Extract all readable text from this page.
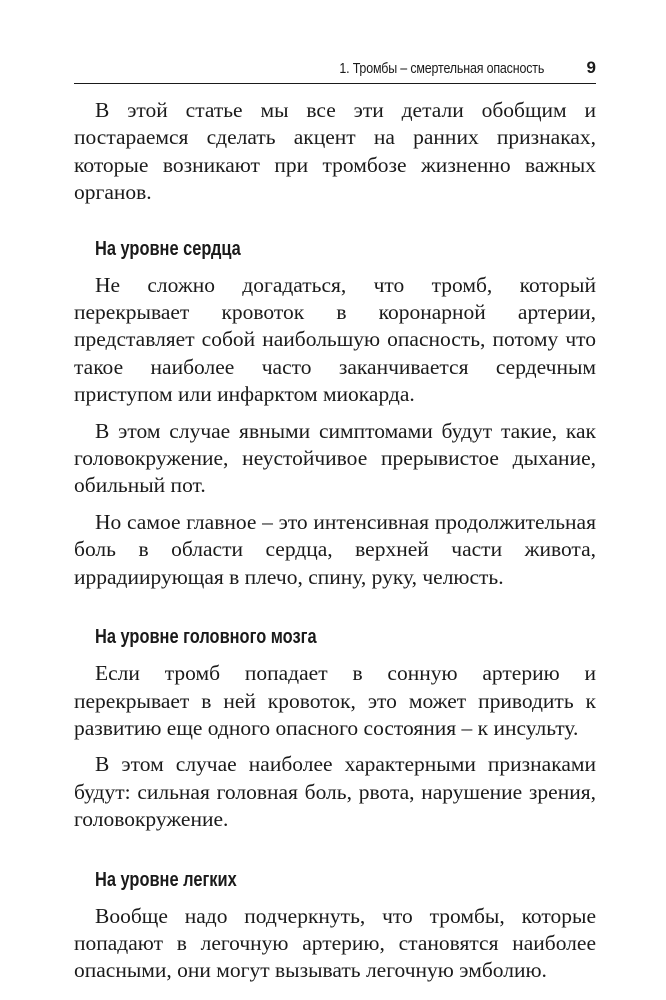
1. Тромбы – смертельная опасность	9

В этой статье мы все эти детали обобщим и постараемся сделать акцент на ранних признаках, которые возникают при тромбозе жизненно важных органов.

На уровне сердца

Не сложно догадаться, что тромб, который перекрывает кровоток в коронарной артерии, представляет собой наибольшую опасность, потому что такое наиболее часто заканчивается сердечным приступом или инфарктом миокарда.

В этом случае явными симптомами будут такие, как головокружение, неустойчивое прерывистое дыхание, обильный пот.

Но самое главное – это интенсивная продолжительная боль в области сердца, верхней части живота, иррадиирующая в плечо, спину, руку, челюсть.

На уровне головного мозга

Если тромб попадает в сонную артерию и перекрывает в ней кровоток, это может приводить к развитию еще одного опасного состояния – к инсульту.

В этом случае наиболее характерными признаками будут: сильная головная боль, рвота, нарушение зрения, головокружение.

На уровне легких

Вообще надо подчеркнуть, что тромбы, которые попадают в легочную артерию, становятся наиболее опасными, они могут вызывать легочную эмболию.
